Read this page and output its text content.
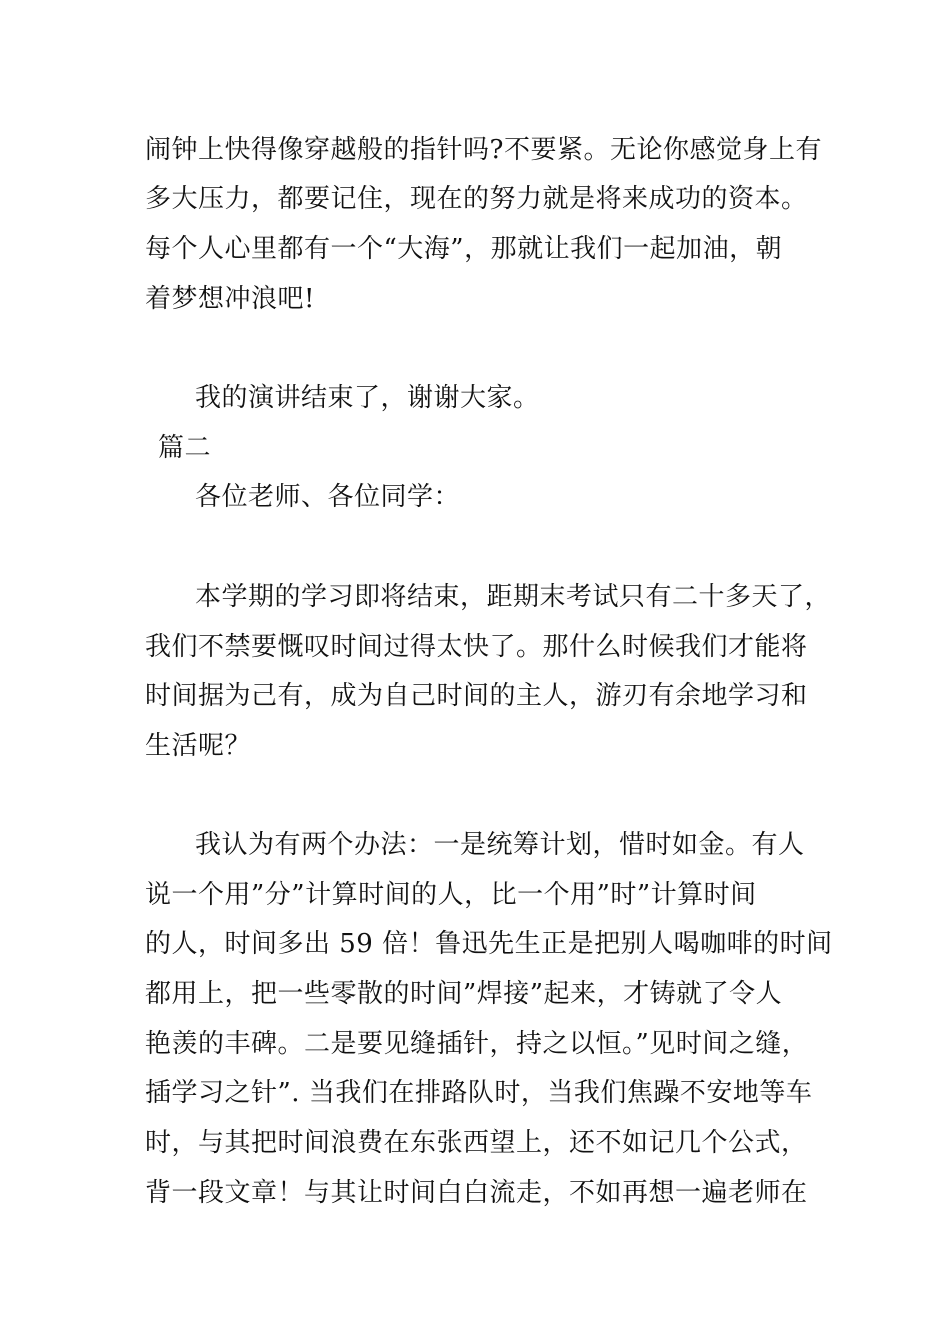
闹钟上快得像穿越般的指针吗?不要紧。无论你感觉身上有
多大压力，都要记住，现在的努力就是将来成功的资本。
每个人心里都有一个“大海”，那就让我们一起加油，朝
着梦想冲浪吧!
我的演讲结束了，谢谢大家。
篇二
各位老师、各位同学：
本学期的学习即将结束，距期末考试只有二十多天了，
我们不禁要慨叹时间过得太快了。那什么时候我们才能将
时间据为己有，成为自己时间的主人，游刃有余地学习和
生活呢？
我认为有两个办法：一是统筹计划，惜时如金。有人
说一个用”分”计算时间的人，比一个用”时”计算时间
的人，时间多出 59 倍！鲁迅先生正是把别人喝咖啡的时间
都用上，把一些零散的时间”焊接”起来，才铸就了令人
艳羡的丰碑。二是要见缝插针，持之以恒。”见时间之缝，
插学习之针”. 当我们在排路队时，当我们焦躁不安地等车
时，与其把时间浪费在东张西望上，还不如记几个公式，
背一段文章！与其让时间白白流走，不如再想一遍老师在
